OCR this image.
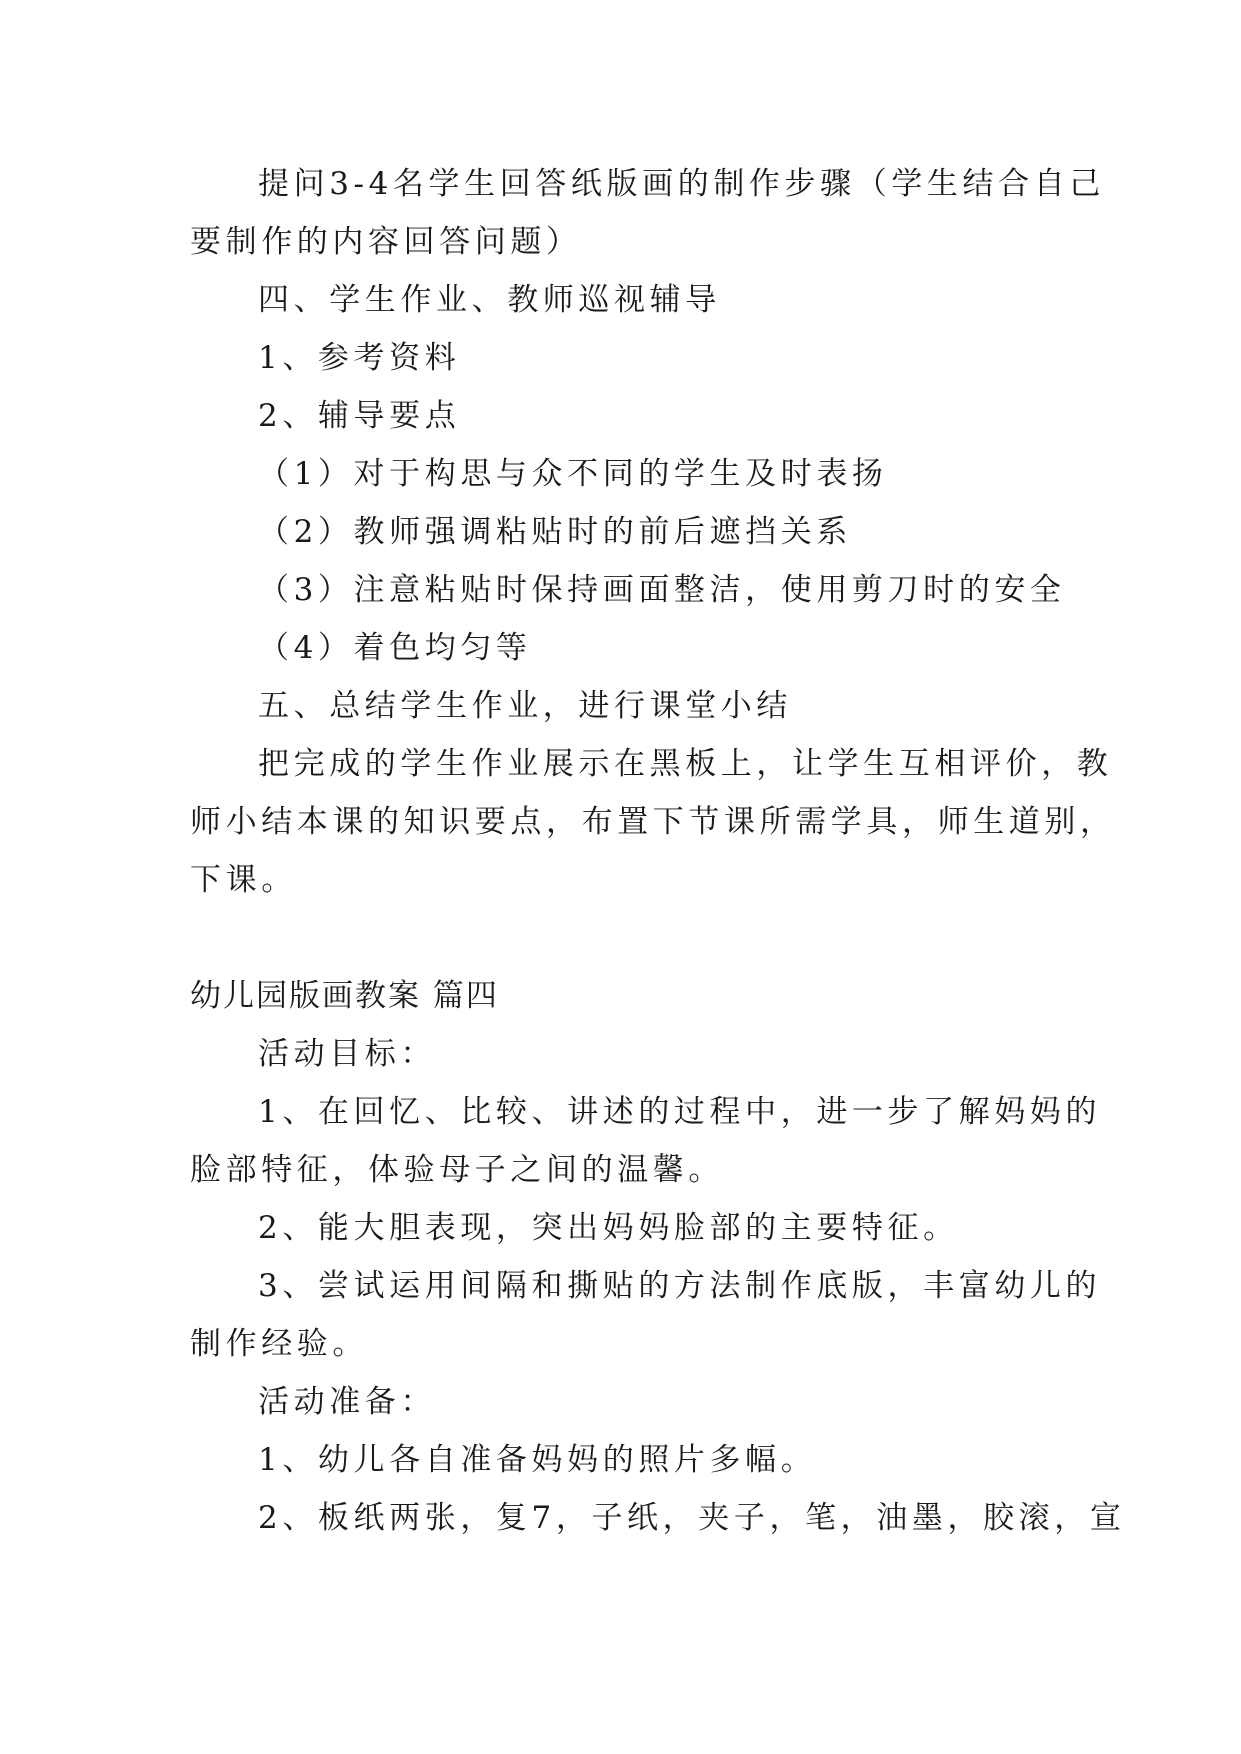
提问3-4名学生回答纸版画的制作步骤（学生结合自己
要制作的内容回答问题）
四、学生作业、教师巡视辅导
1、参考资料
2、辅导要点
（1）对于构思与众不同的学生及时表扬
（2）教师强调粘贴时的前后遮挡关系
（3）注意粘贴时保持画面整洁，使用剪刀时的安全
（4）着色均匀等
五、总结学生作业，进行课堂小结
把完成的学生作业展示在黑板上，让学生互相评价，教
师小结本课的知识要点，布置下节课所需学具，师生道别，
下课。
幼儿园版画教案 篇四
活动目标：
1、在回忆、比较、讲述的过程中，进一步了解妈妈的
脸部特征，体验母子之间的温馨。
2、能大胆表现，突出妈妈脸部的主要特征。
3、尝试运用间隔和撕贴的方法制作底版，丰富幼儿的
制作经验。
活动准备：
1、幼儿各自准备妈妈的照片多幅。
2、板纸两张，复7，子纸，夹子，笔，油墨，胶滚，宣
